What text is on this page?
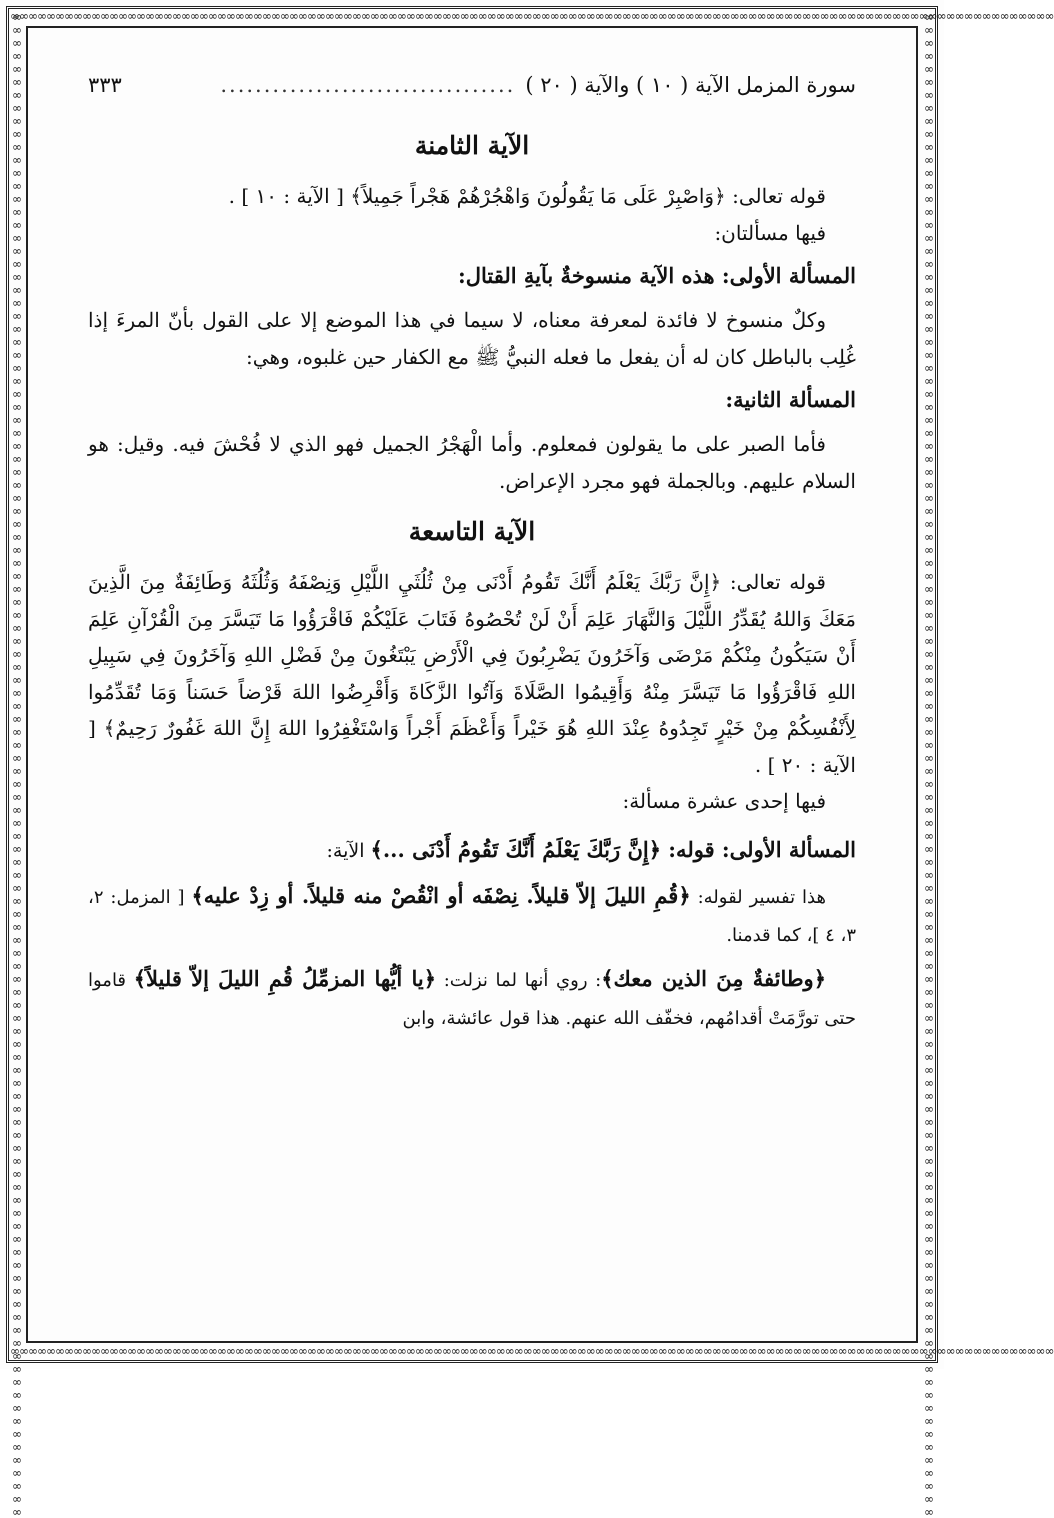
∞∞∞∞∞∞∞∞∞∞∞∞∞∞∞∞∞∞∞∞∞∞∞∞∞∞∞∞∞∞∞∞∞∞∞∞∞∞∞∞∞∞∞∞∞∞∞∞∞∞∞∞∞∞∞∞∞∞∞∞∞∞∞∞∞∞∞∞∞∞∞∞∞∞∞∞∞∞∞∞∞∞∞∞∞∞∞∞∞∞∞∞∞∞∞∞∞∞∞∞∞∞∞∞∞∞∞∞∞∞∞∞∞∞∞∞
∞∞∞∞∞∞∞∞∞∞∞∞∞∞∞∞∞∞∞∞∞∞∞∞∞∞∞∞∞∞∞∞∞∞∞∞∞∞∞∞∞∞∞∞∞∞∞∞∞∞∞∞∞∞∞∞∞∞∞∞∞∞∞∞∞∞∞∞∞∞∞∞∞∞∞∞∞∞∞∞∞∞∞∞∞∞∞∞∞∞∞∞∞∞∞∞∞∞∞∞∞∞∞∞∞∞∞∞∞∞∞∞∞∞∞∞
∞∞∞∞∞∞∞∞∞∞∞∞∞∞∞∞∞∞∞∞∞∞∞∞∞∞∞∞∞∞∞∞∞∞∞∞∞∞∞∞∞∞∞∞∞∞∞∞∞∞∞∞∞∞∞∞∞∞∞∞∞∞∞∞∞∞∞∞∞∞∞∞∞∞∞∞∞∞∞∞∞∞∞∞∞∞∞∞∞∞∞∞∞∞∞∞∞∞∞∞∞∞∞∞∞∞∞∞∞∞∞∞∞∞∞∞	∞∞∞∞∞∞∞∞∞∞∞∞∞∞∞∞∞∞∞∞∞∞∞∞∞∞∞∞∞∞∞∞∞∞∞∞∞∞∞∞∞∞∞∞∞∞∞∞∞∞∞∞∞∞∞∞∞∞∞∞∞∞∞∞∞∞∞∞∞∞∞∞∞∞∞∞∞∞∞∞∞∞∞∞∞∞∞∞∞∞∞∞∞∞∞∞∞∞∞∞∞∞∞∞∞∞∞∞∞∞∞∞∞∞∞∞
سورة المزمل الآية ( ١٠ ) والآية ( ٢٠ )
..................................
٣٣٣
الآية الثامنة

قوله تعالى: ﴿وَاصْبِرْ عَلَى مَا يَقُولُونَ وَاهْجُرْهُمْ هَجْراً جَمِيلاً﴾ [ الآية : ١٠ ] .

فيها مسألتان:

المسألة الأولى: هذه الآية منسوخةٌ بآيةِ القتال:

وكلٌ منسوخ لا فائدة لمعرفة معناه، لا سيما في هذا الموضع إلا على القول بأنّ المرءَ إذا غُلِب بالباطل كان له أن يفعل ما فعله النبيُّ ﷺ مع الكفار حين غلبوه، وهي:

المسألة الثانية:

فأما الصبر على ما يقولون فمعلوم. وأما الْهَجْرُ الجميل فهو الذي لا فُحْشَ فيه. وقيل: هو السلام عليهم. وبالجملة فهو مجرد الإعراض.

الآية التاسعة

قوله تعالى: ﴿إِنَّ رَبَّكَ يَعْلَمُ أَنَّكَ تَقُومُ أَدْنَى مِنْ ثُلُثَيِ اللَّيْلِ وَنِصْفَهُ وَثُلُثَهُ وَطَائِفَةٌ مِنَ الَّذِينَ مَعَكَ وَاللهُ يُقَدِّرُ اللَّيْلَ وَالنَّهَارَ عَلِمَ أَنْ لَنْ تُحْصُوهُ فَتَابَ عَلَيْكُمْ فَاقْرَؤُوا مَا تَيَسَّرَ مِنَ الْقُرْآنِ عَلِمَ أَنْ سَيَكُونُ مِنْكُمْ مَرْضَى وَآخَرُونَ يَضْرِبُونَ فِي الْأَرْضِ يَبْتَغُونَ مِنْ فَضْلِ اللهِ وَآخَرُونَ فِي سَبِيلِ اللهِ فَاقْرَؤُوا مَا تَيَسَّرَ مِنْهُ وَأَقِيمُوا الصَّلَاةَ وَآتُوا الزَّكَاةَ وَأَقْرِضُوا اللهَ قَرْضاً حَسَناً وَمَا تُقَدِّمُوا لِأَنْفُسِكُمْ مِنْ خَيْرٍ تَجِدُوهُ عِنْدَ اللهِ هُوَ خَيْراً وَأَعْظَمَ أَجْراً وَاسْتَغْفِرُوا اللهَ إِنَّ اللهَ غَفُورٌ رَحِيمٌ﴾ [ الآية : ٢٠ ] .

فيها إحدى عشرة مسألة:

المسألة الأولى: قوله: ﴿إِنَّ رَبَّكَ يَعْلَمُ أَنَّكَ تَقُومُ أَدْنَى ...﴾ الآية:

هذا تفسير لقوله: ﴿قُمِ الليلَ إلاّ قليلاً. نِصْفَه أو انْقُصْ منه قليلاً. أو زِدْ عليه﴾ [ المزمل: ٢، ٣، ٤ ]، كما قدمنا.

﴿وطائفةٌ مِنَ الذين معك﴾: روي أنها لما نزلت: ﴿يا أيُّها المزمِّلُ قُمِ الليلَ إلاّ قليلاً﴾ قاموا حتى تورَّمَتْ أقدامُهم، فخفّف الله عنهم. هذا قول عائشة، وابن
